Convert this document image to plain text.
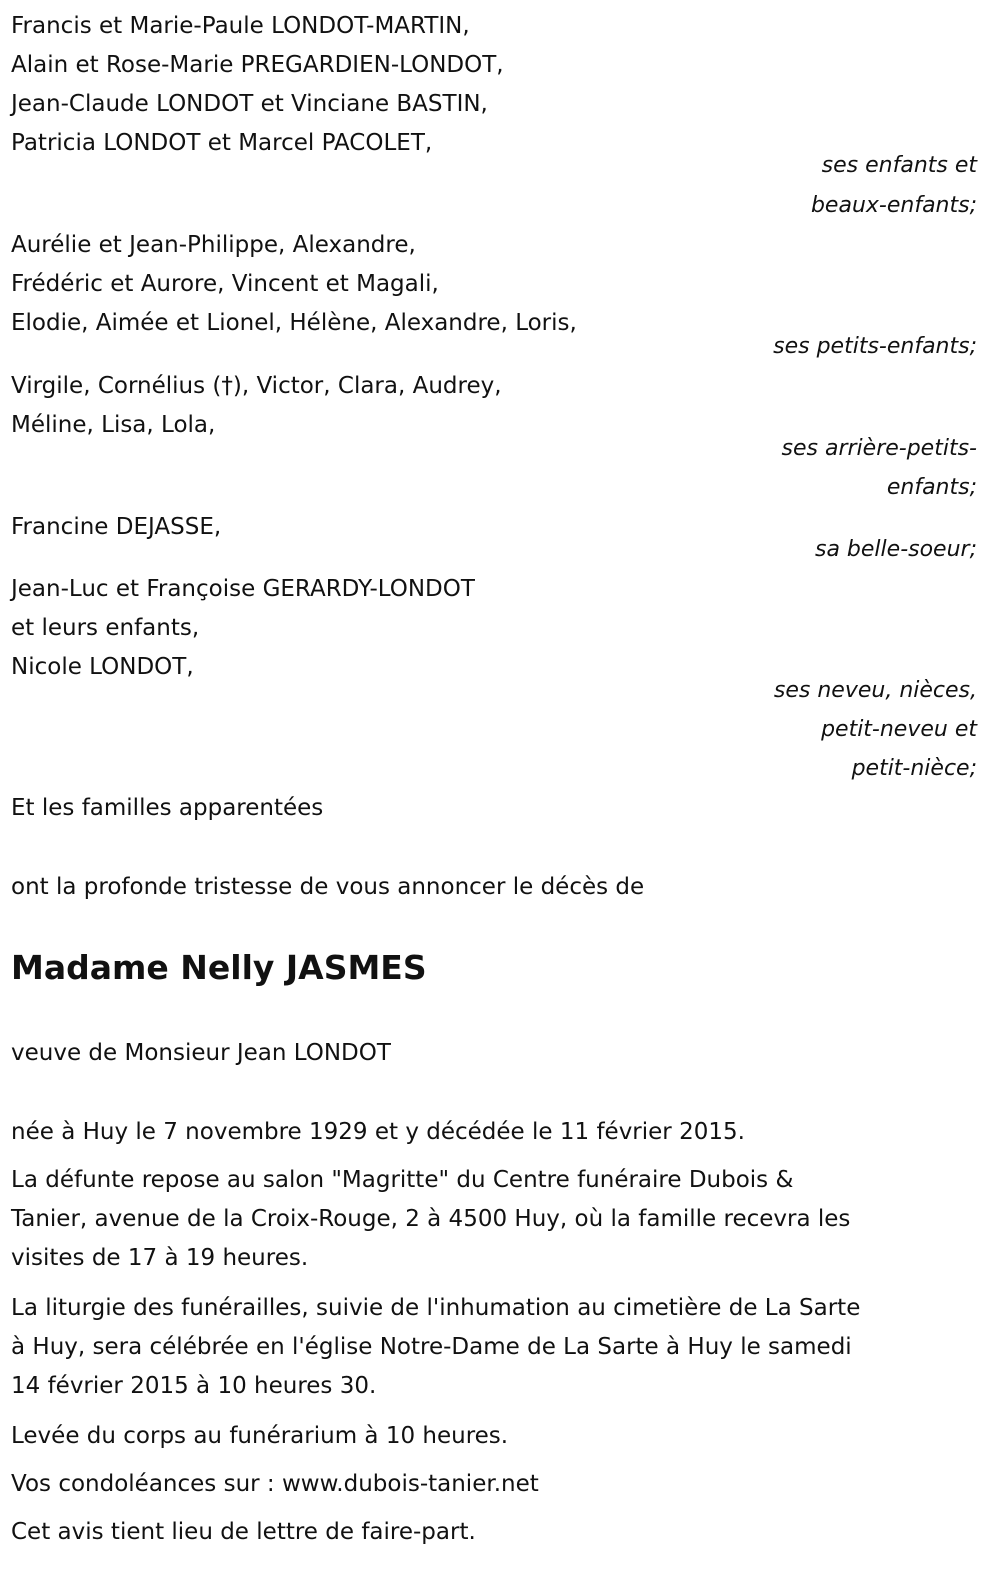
Francis et Marie-Paule LONDOT-MARTIN,
Alain et Rose-Marie PREGARDIEN-LONDOT,
Jean-Claude LONDOT et Vinciane BASTIN,
Patricia LONDOT et Marcel PACOLET,
ses enfants et
beaux-enfants;
Aurélie et Jean-Philippe, Alexandre,
Frédéric et Aurore, Vincent et Magali,
Elodie, Aimée et Lionel, Hélène, Alexandre, Loris,
ses petits-enfants;
Virgile, Cornélius (†), Victor, Clara, Audrey,
Méline, Lisa, Lola,
ses arrière-petits-
enfants;
Francine DEJASSE,
sa belle-soeur;
Jean-Luc et Françoise GERARDY-LONDOT
et leurs enfants,
Nicole LONDOT,
ses neveu, nièces,
petit-neveu et
petit-nièce;
Et les familles apparentées
ont la profonde tristesse de vous annoncer le décès de
Madame Nelly JASMES
veuve de Monsieur Jean LONDOT
née à Huy le 7 novembre 1929 et y décédée le 11 février 2015.
La défunte repose au salon "Magritte" du Centre funéraire Dubois &
Tanier, avenue de la Croix-Rouge, 2 à 4500 Huy, où la famille recevra les
visites de 17 à 19 heures.
La liturgie des funérailles, suivie de l'inhumation au cimetière de La Sarte
à Huy, sera célébrée en l'église Notre-Dame de La Sarte à Huy le samedi
14 février 2015 à 10 heures 30.
Levée du corps au funérarium à 10 heures.
Vos condoléances sur : www.dubois-tanier.net
Cet avis tient lieu de lettre de faire-part.
